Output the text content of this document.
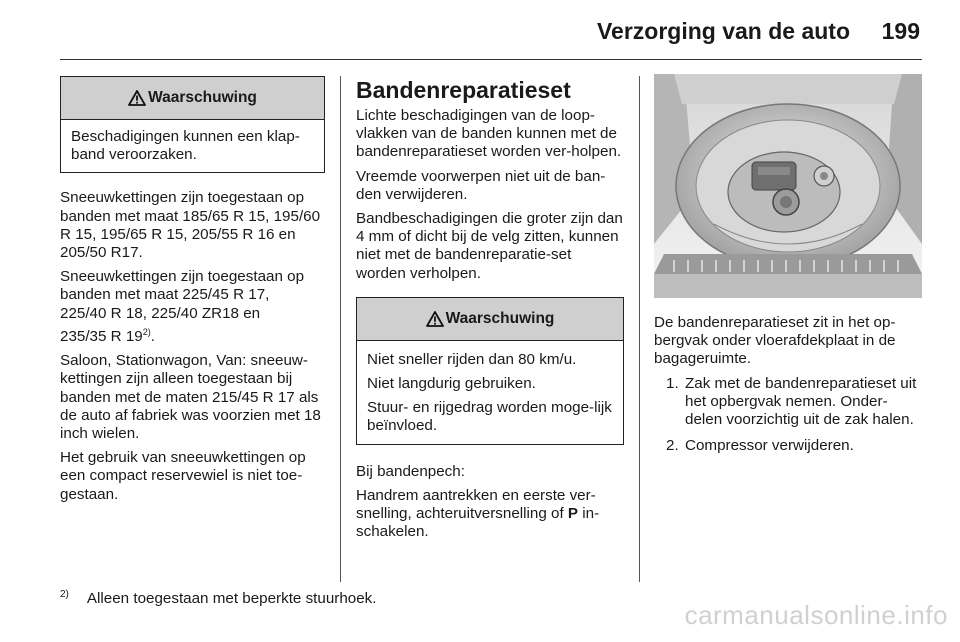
Verzorging van de auto 199
Waarschuwing

Beschadigingen kunnen een klap-band veroorzaken.

Sneeuwkettingen zijn toegestaan op banden met maat 185/65 R 15, 195/60 R 15, 195/65 R 15, 205/55 R 16 en 205/50 R17.

Sneeuwkettingen zijn toegestaan op
banden met maat 225/45 R 17,
225/40 R 18, 225/40 ZR18 en
235/35 R 19$^{2)}$.

Saloon, Stationwagon, Van: sneeuw-kettingen zijn alleen toegestaan bij banden met de maten 215/45 R 17 als de auto af fabriek was voorzien met 18 inch wielen.

Het gebruik van sneeuwkettingen op een compact reservewiel is niet toe-gestaan.

Bandenreparatieset

Lichte beschadigingen van de loop-vlakken van de banden kunnen met de bandenreparatieset worden ver-holpen.

Vreemde voorwerpen niet uit de ban-den verwijderen.

Bandbeschadigingen die groter zijn dan 4 mm of dicht bij de velg zitten, kunnen niet met de bandenreparatie-set worden verholpen.

Waarschuwing

Niet sneller rijden dan 80 km/u.

Niet langdurig gebruiken.

Stuur- en rijgedrag worden moge-lijk beïnvloed.

Bij bandenpech:

Handrem aantrekken en eerste ver-snelling, achteruitversnelling of P in-schakelen.

De bandenreparatieset zit in het op-bergvak onder vloerafdekplaat in de bagageruimte.

1. Zak met de bandenreparatieset uit het opbergvak nemen. Onder-delen voorzichtig uit de zak halen.
2. Compressor verwijderen.
$^{2)}$ Alleen toegestaan met beperkte stuurhoek.
carmanualsonline.info
